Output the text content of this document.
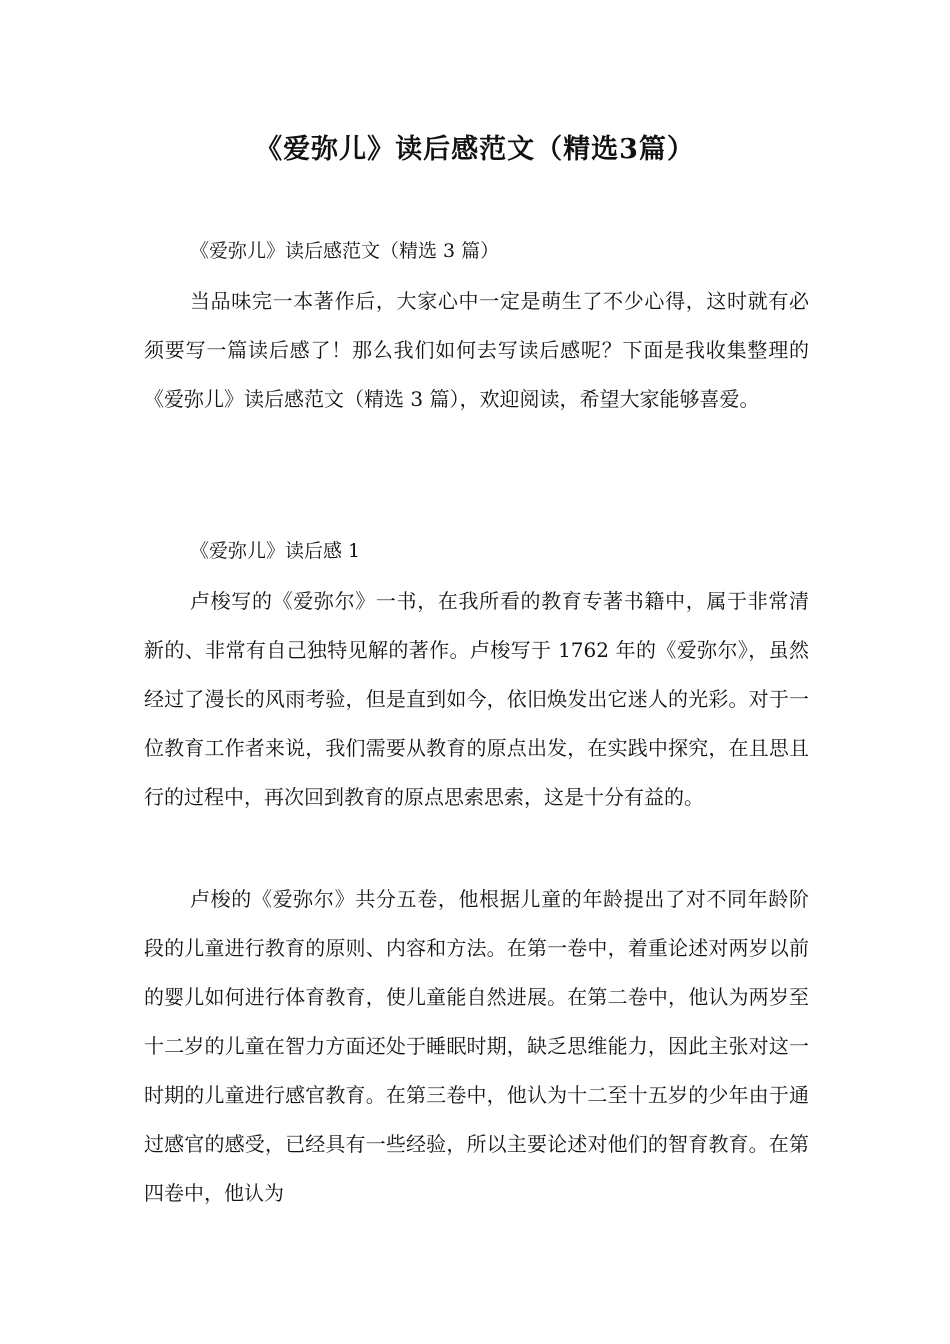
《爱弥儿》读后感范文（精选3篇）

《爱弥儿》读后感范文（精选 3 篇）

当品味完一本著作后，大家心中一定是萌生了不少心得，这时就有必须要写一篇读后感了！那么我们如何去写读后感呢？下面是我收集整理的《爱弥儿》读后感范文（精选 3 篇），欢迎阅读，希望大家能够喜爱。

《爱弥儿》读后感 1

卢梭写的《爱弥尔》一书，在我所看的教育专著书籍中，属于非常清新的、非常有自己独特见解的著作。卢梭写于 1762 年的《爱弥尔》，虽然经过了漫长的风雨考验，但是直到如今，依旧焕发出它迷人的光彩。对于一位教育工作者来说，我们需要从教育的原点出发，在实践中探究，在且思且行的过程中，再次回到教育的原点思索思索，这是十分有益的。

卢梭的《爱弥尔》共分五卷，他根据儿童的年龄提出了对不同年龄阶段的儿童进行教育的原则、内容和方法。在第一卷中，着重论述对两岁以前的婴儿如何进行体育教育，使儿童能自然进展。在第二卷中，他认为两岁至十二岁的儿童在智力方面还处于睡眠时期，缺乏思维能力，因此主张对这一时期的儿童进行感官教育。在第三卷中，他认为十二至十五岁的少年由于通过感官的感受，已经具有一些经验，所以主要论述对他们的智育教育。在第四卷中，他认为
